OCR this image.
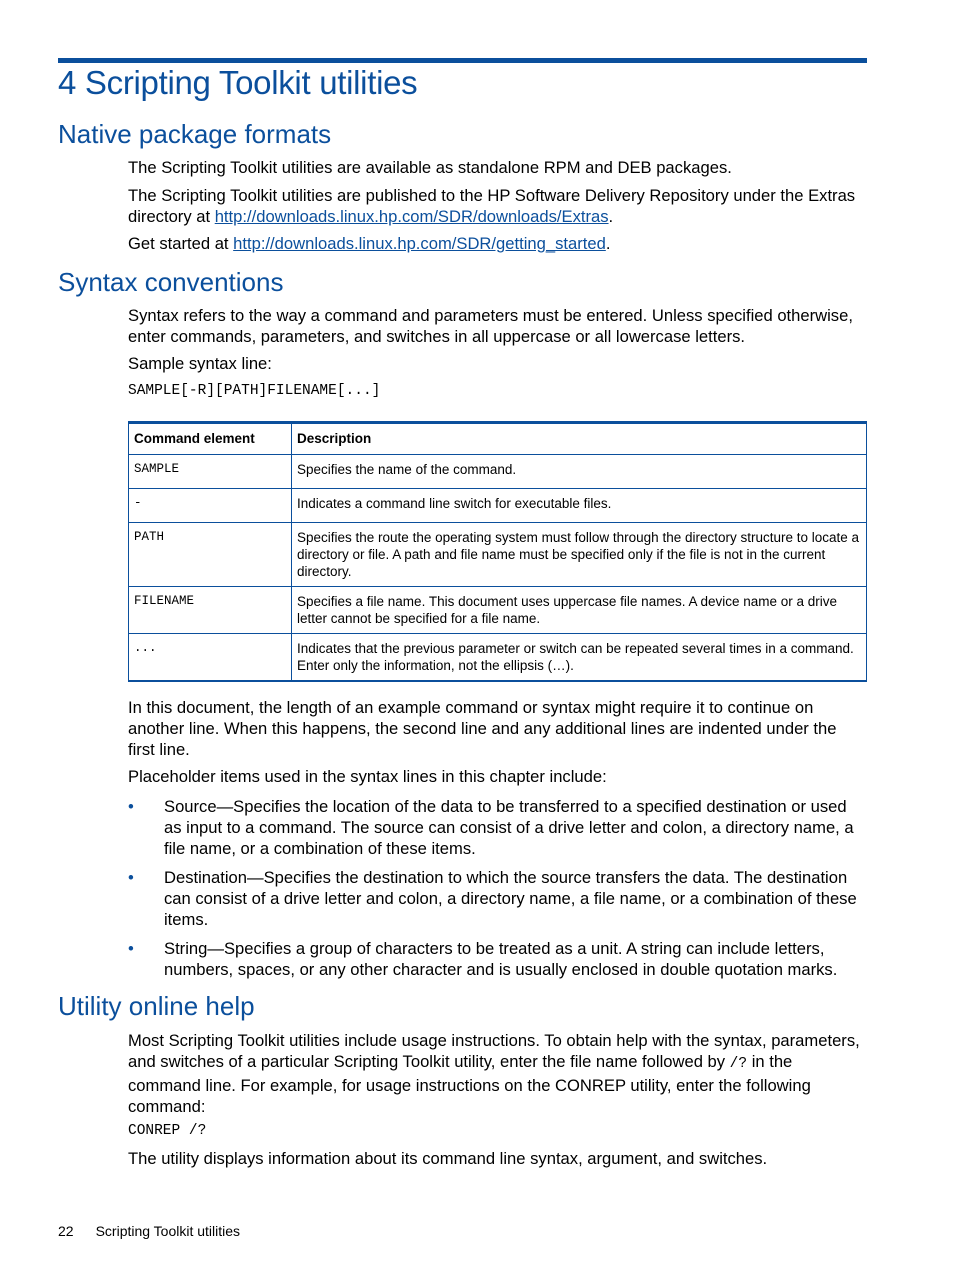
4 Scripting Toolkit utilities
Native package formats

The Scripting Toolkit utilities are available as standalone RPM and DEB packages.

The Scripting Toolkit utilities are published to the HP Software Delivery Repository under the Extras directory at http://downloads.linux.hp.com/SDR/downloads/Extras.

Get started at http://downloads.linux.hp.com/SDR/getting_started.

Syntax conventions

Syntax refers to the way a command and parameters must be entered. Unless specified otherwise, enter commands, parameters, and switches in all uppercase or all lowercase letters.

Sample syntax line:

SAMPLE[-R][PATH]FILENAME[...]

Command element	Description
SAMPLE	Specifies the name of the command.
-	Indicates a command line switch for executable files.
PATH	Specifies the route the operating system must follow through the directory structure to locate a directory or file. A path and file name must be specified only if the file is not in the current directory.
FILENAME	Specifies a file name. This document uses uppercase file names. A device name or a drive letter cannot be specified for a file name.
...	Indicates that the previous parameter or switch can be repeated several times in a command. Enter only the information, not the ellipsis (…).

In this document, the length of an example command or syntax might require it to continue on another line. When this happens, the second line and any additional lines are indented under the first line.

Placeholder items used in the syntax lines in this chapter include:

• Source—Specifies the location of the data to be transferred to a specified destination or used as input to a command. The source can consist of a drive letter and colon, a directory name, a file name, or a combination of these items.
• Destination—Specifies the destination to which the source transfers the data. The destination can consist of a drive letter and colon, a directory name, a file name, or a combination of these items.
• String—Specifies a group of characters to be treated as a unit. A string can include letters, numbers, spaces, or any other character and is usually enclosed in double quotation marks.
Utility online help

Most Scripting Toolkit utilities include usage instructions. To obtain help with the syntax, parameters, and switches of a particular Scripting Toolkit utility, enter the file name followed by /? in the command line. For example, for usage instructions on the CONREP utility, enter the following command:

CONREP /?

The utility displays information about its command line syntax, argument, and switches.

22 Scripting Toolkit utilities
